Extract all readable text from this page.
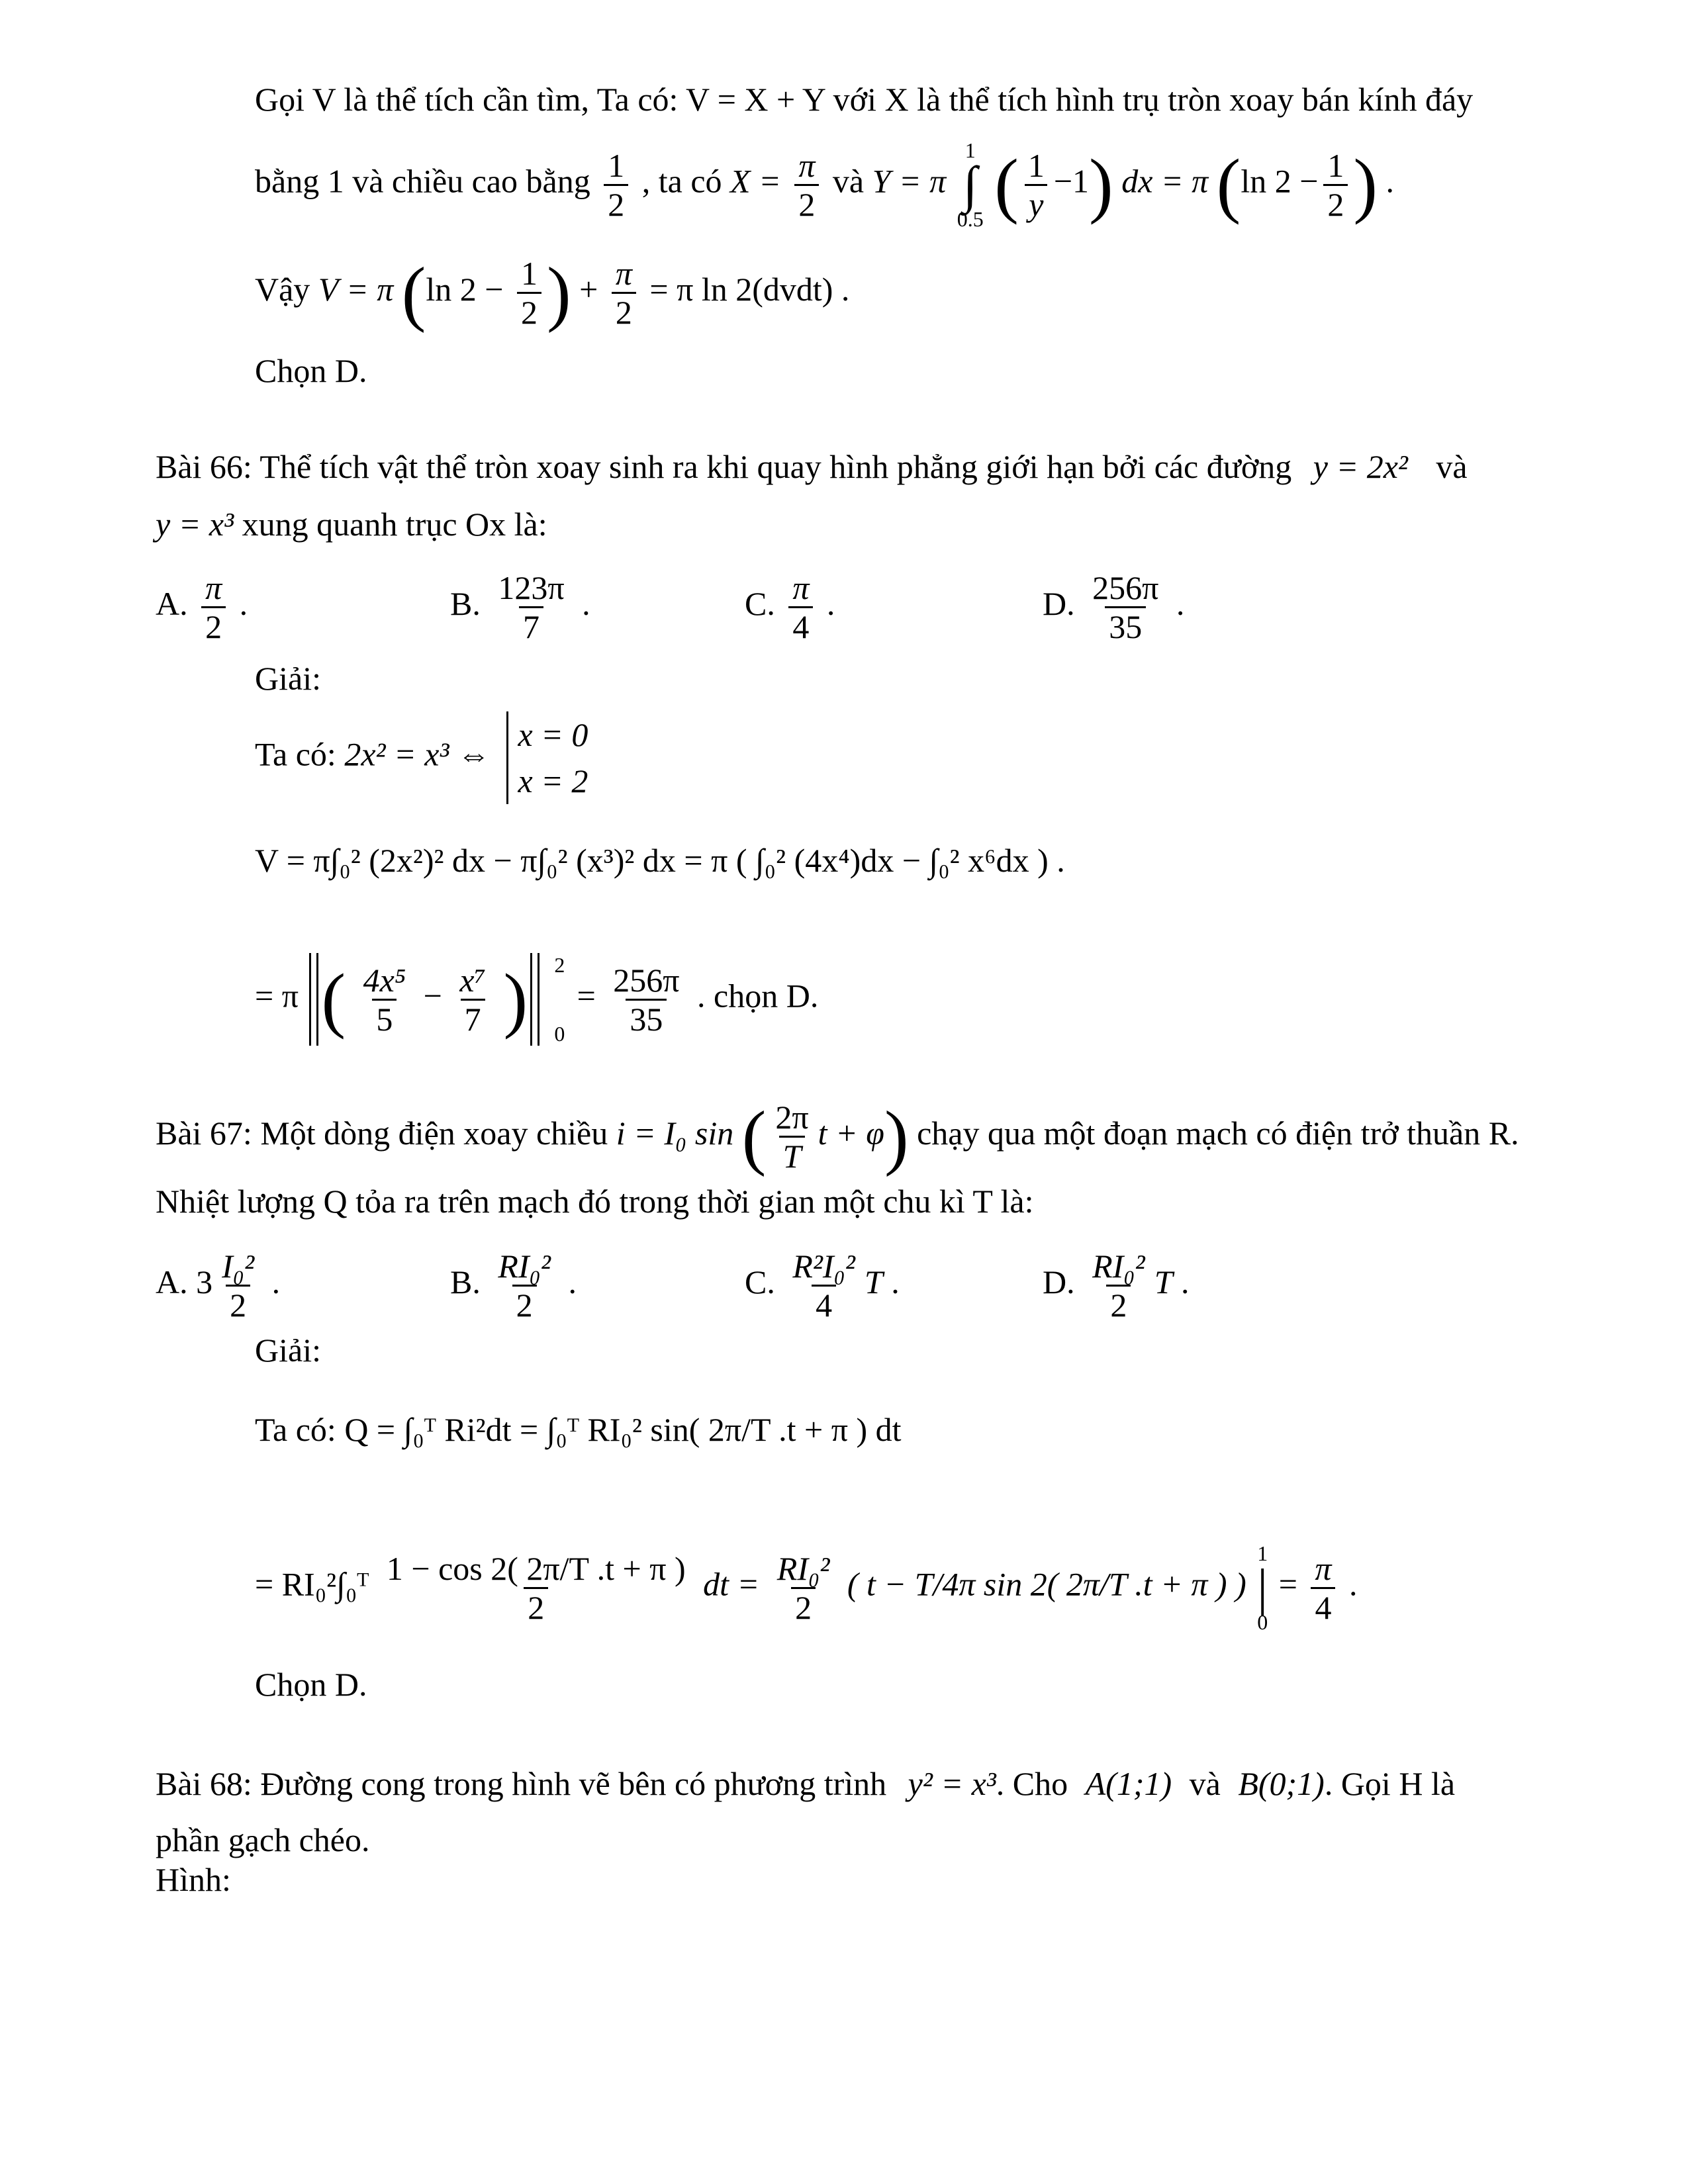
Gọi V là thể tích cần tìm, Ta có: V = X + Y với X là thể tích hình trụ tròn xoay bán kính đáy
bằng 1 và chiều cao bằng $\frac{1}{2}$ , ta có $X = \frac{\pi}{2}$ và Y = π
1
∫
0.5 ( $\frac{1}{y} -1$) dx = π (ln $2 - \frac{1}{2}$ ) .
Vậy V = π (ln $2 - \frac{1}{2}$ ) + $\frac{\pi}{2} = \pi$ ln 2(dvdt) .
Chọn D.
Bài 66: Thể tích vật thể tròn xoay sinh ra khi quay hình phẳng giới hạn bởi các đường y = 2x² và
y = x³ xung quanh trục Ox là:
A. $\frac{\pi}{2}$ .	B. $\frac{123\pi}{7}$ .	C. $\frac{\pi}{4}$ .	D. $\frac{256\pi}{35}$ .
Giải:
Ta có: 2x² = x³ ⇔
x = 0
x = 2
V = π∫₀² (2x²)² dx − π∫₀² (x³)² dx = π ( ∫₀² (4x⁴)dx − ∫₀² x⁶dx ) .
= π ( $\frac{\text{4x⁵}}{5} - \frac{\text{x⁷}}{7}$ ) 2

0
= $\frac{256\pi}{35}$ . chọn D.
Bài 67: Một dòng điện xoay chiều i = I₀ sin ( $\frac{2\pi}{T}$ t + φ) chạy qua một đoạn mạch có điện trở thuần R.
Nhiệt lượng Q tỏa ra trên mạch đó trong thời gian một chu kì T là:
A. $3 \frac{\text{I₀²}}{2}$ .	B. $\frac{\text{RI₀²}}{2}$ .	C. $\frac{\text{R²I₀²}}{4}$ T .	D. $\frac{\text{RI₀²}}{2}$ T .
Giải:
Ta có: Q = ∫₀ᵀ Ri²dt = ∫₀ᵀ RI₀² sin( 2π/T .t + π ) dt
= RI₀²∫₀ᵀ $\frac{1 - \cos 2( 2\pi/T .t + \pi )}{2}$ dt = $\frac{\text{RI₀²}}{2}$ ( t − T/4π sin 2( 2π/T .t + π ) )
1
|
0
= $\frac{\pi}{4}$ .
Chọn D.
Bài 68: Đường cong trong hình vẽ bên có phương trình y² = x³. Cho A(1;1) và B(0;1). Gọi H là
phần gạch chéo.
Hình:
